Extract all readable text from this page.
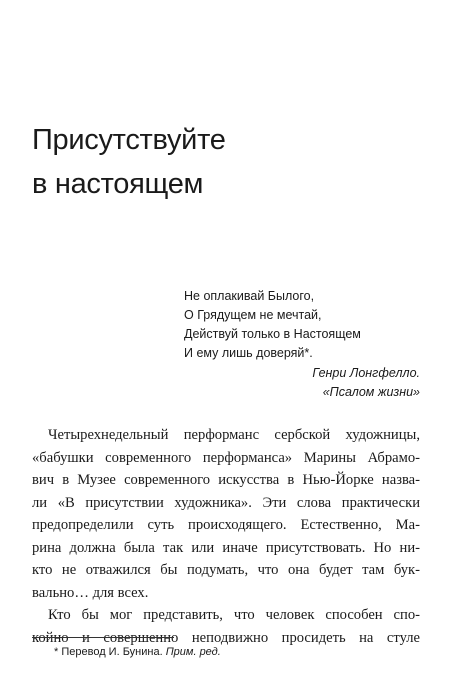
Присутствуйте
в настоящем
Не оплакивай Былого,
О Грядущем не мечтай,
Действуй только в Настоящем
И ему лишь доверяй*.
Генри Лонгфелло.
«Псалом жизни»
Четырехнедельный перформанс сербской художницы,
«бабушки современного перформанса» Марины Абрамо-
вич в Музее современного искусства в Нью-Йорке назва-
ли «В присутствии художника». Эти слова практически
предопределили суть происходящего. Естественно, Ма-
рина должна была так или иначе присутствовать. Но ни-
кто не отважился бы подумать, что она будет там бук-
вально… для всех.
Кто бы мог представить, что человек способен спо-
койно и совершенно неподвижно просидеть на стуле
* Перевод И. Бунина. Прим. ред.
